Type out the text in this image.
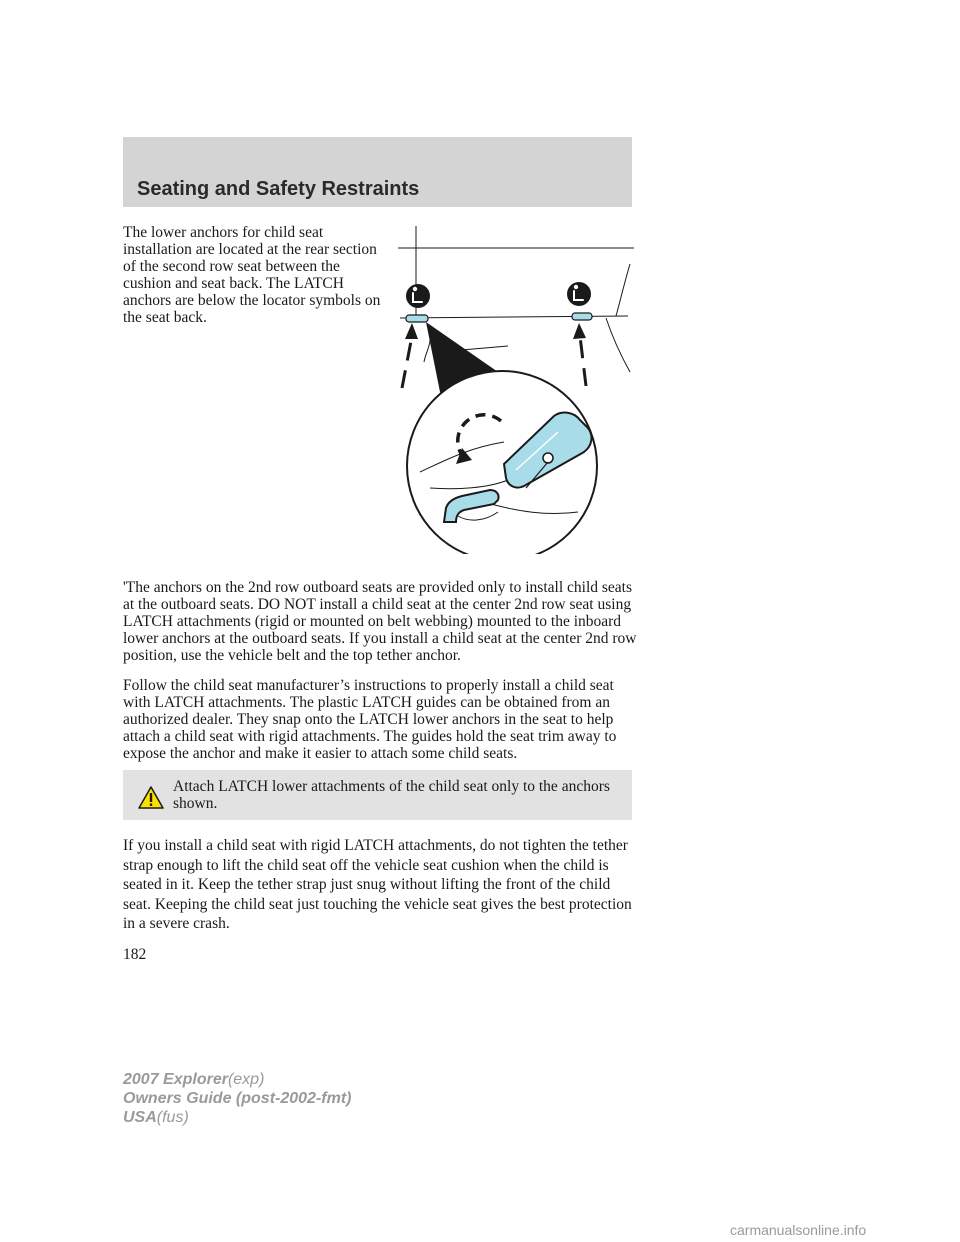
Seating and Safety Restraints

The lower anchors for child seat installation are located at the rear section of the second row seat between the cushion and seat back. The LATCH anchors are below the locator symbols on the seat back.

'The anchors on the 2nd row outboard seats are provided only to install child seats at the outboard seats. DO NOT install a child seat at the center 2nd row seat using LATCH attachments (rigid or mounted on belt webbing) mounted to the inboard lower anchors at the outboard seats. If you install a child seat at the center 2nd row position, use the vehicle belt and the top tether anchor.

Follow the child seat manufacturer’s instructions to properly install a child seat with LATCH attachments. The plastic LATCH guides can be obtained from an authorized dealer. They snap onto the LATCH lower anchors in the seat to help attach a child seat with rigid attachments. The guides hold the seat trim away to expose the anchor and make it easier to attach some child seats.

Attach LATCH lower attachments of the child seat only to the anchors shown.

If you install a child seat with rigid LATCH attachments, do not tighten the tether strap enough to lift the child seat off the vehicle seat cushion when the child is seated in it. Keep the tether strap just snug without lifting the front of the child seat. Keeping the child seat just touching the vehicle seat gives the best protection in a severe crash.

182
2007 Explorer(exp)
Owners Guide (post-2002-fmt)
USA(fus)
carmanualsonline.info
